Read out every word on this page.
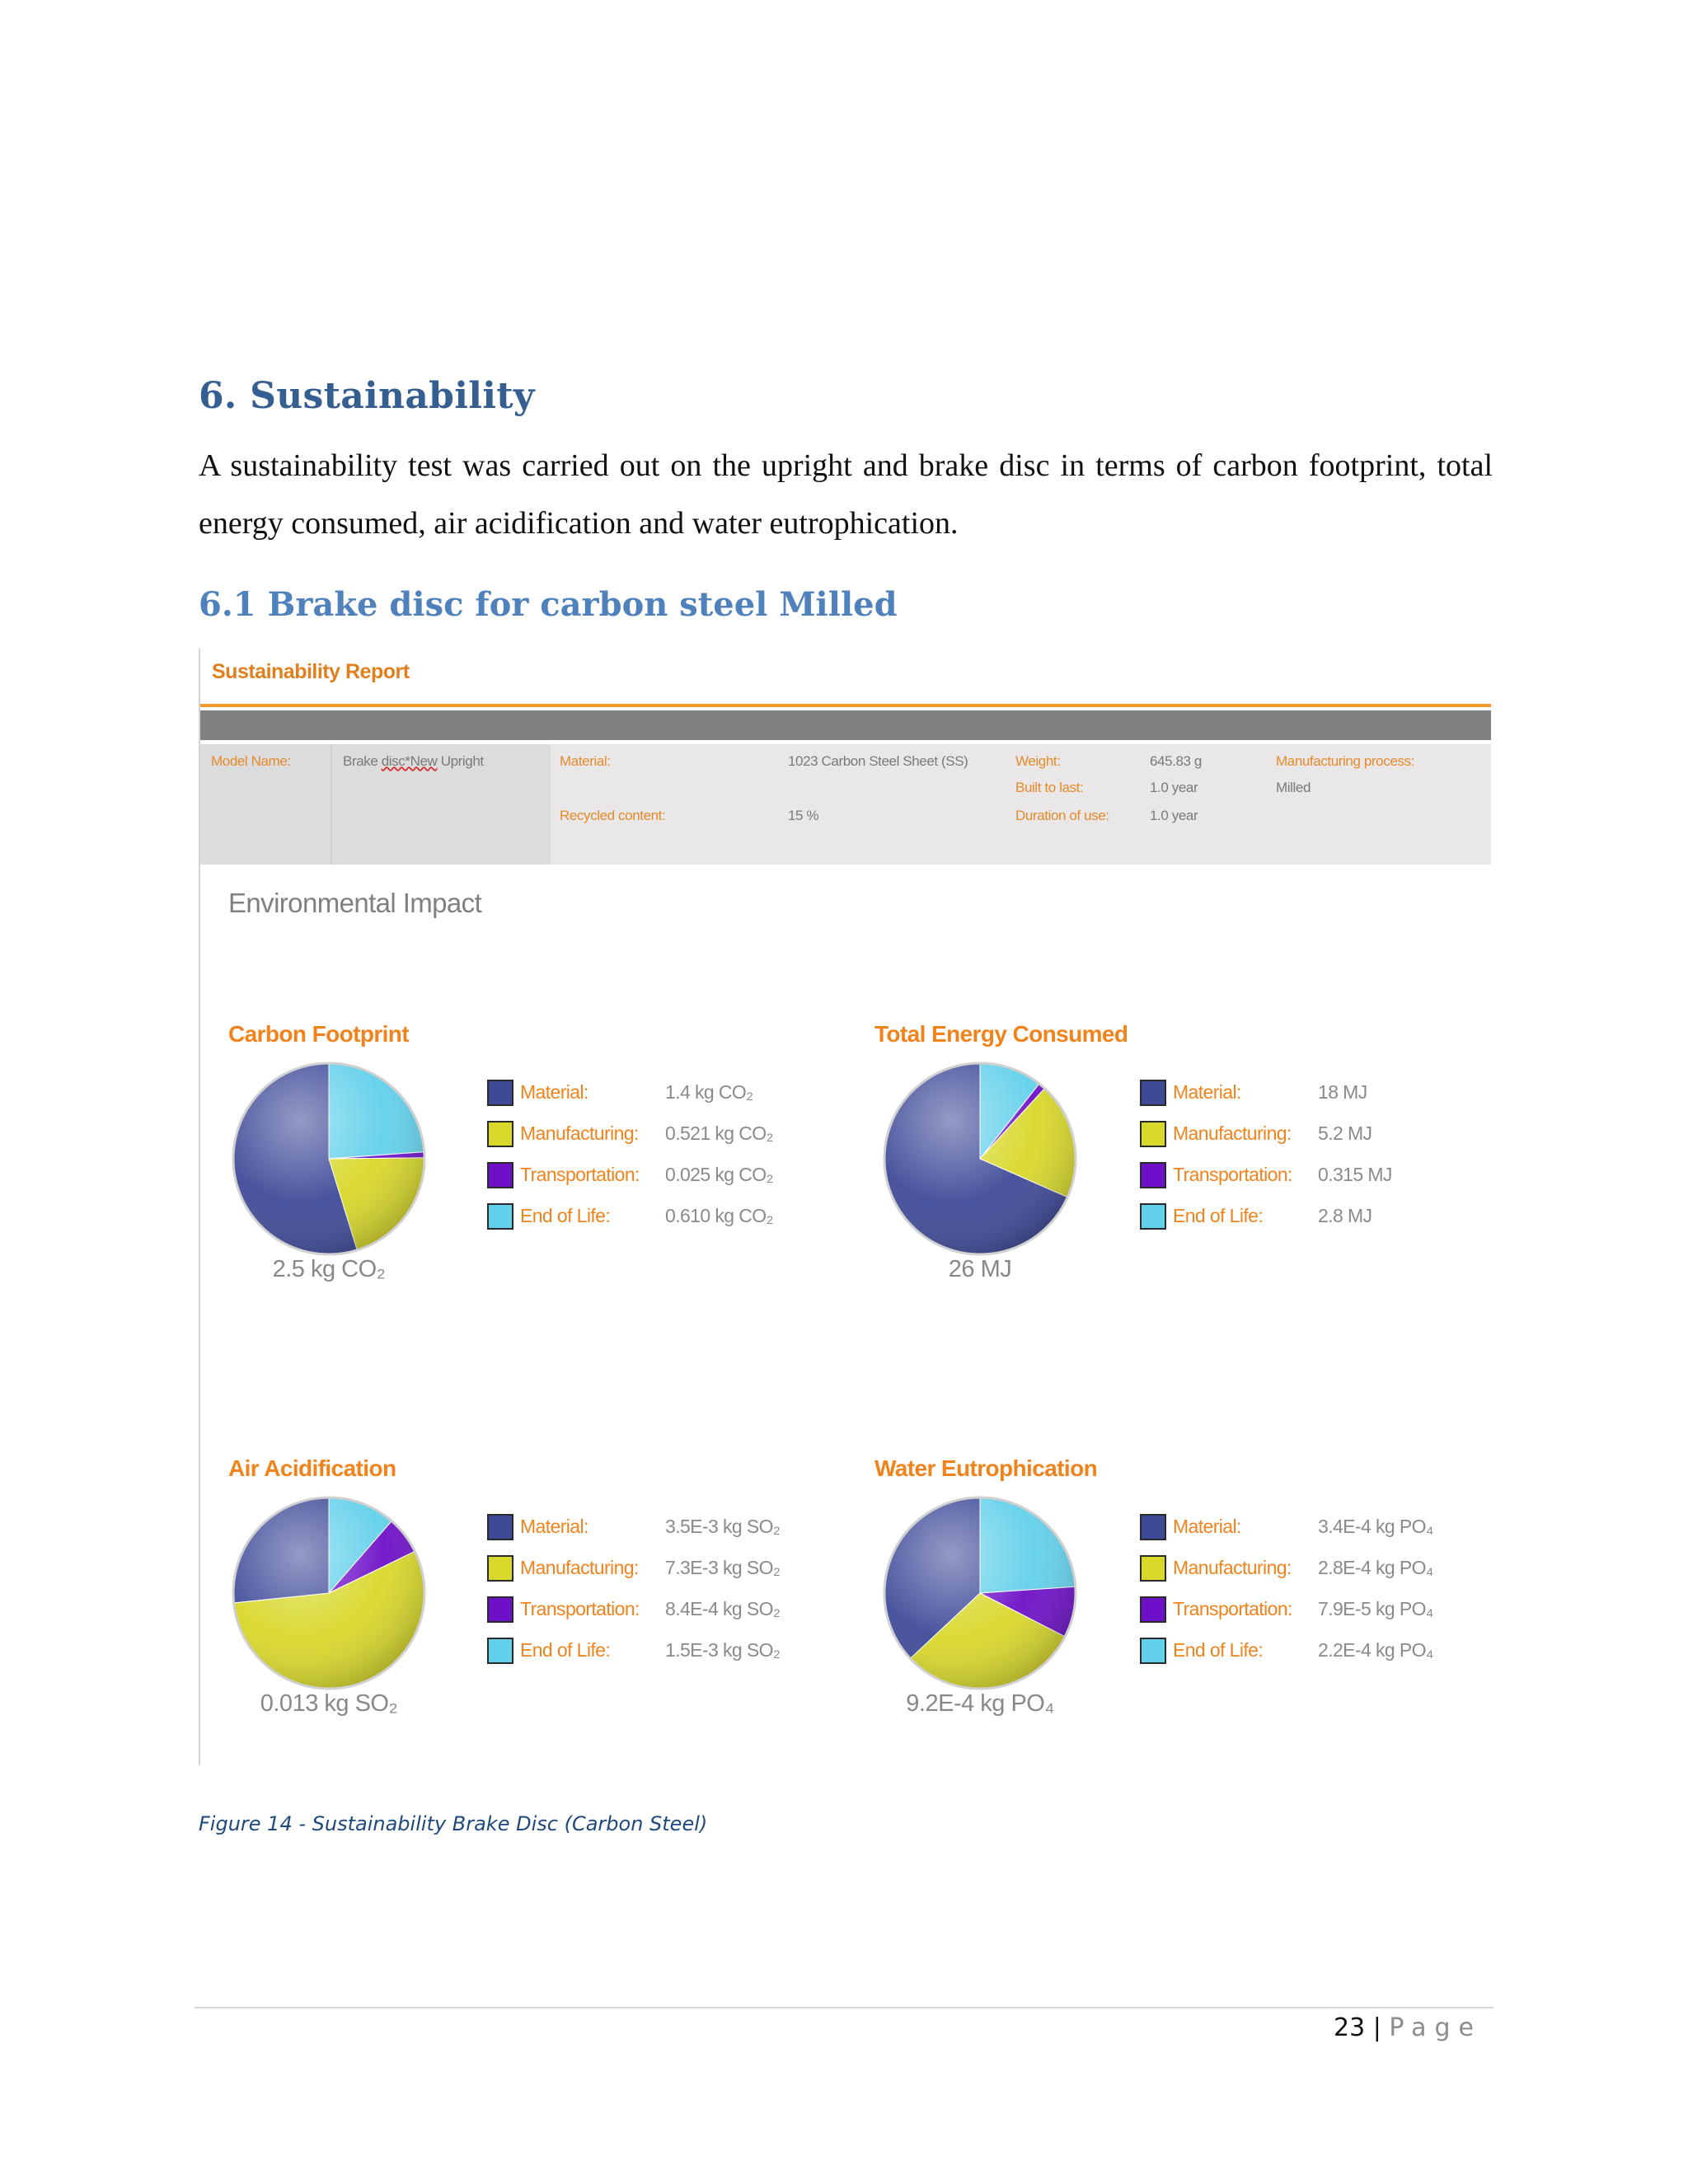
6. Sustainability

A sustainability test was carried out on the upright and brake disc in terms of carbon footprint, total energy consumed, air acidification and water eutrophication.

6.1 Brake disc for carbon steel Milled
Sustainability Report
Model Name:	Brake disc*New Upright	Material:	1023 Carbon Steel Sheet (SS)
Recycled content:	15 %
Weight:	645.83 g
Built to last:	1.0 year
Duration of use:	1.0 year
Manufacturing process:
Milled
Environmental Impact
Carbon Footprint
2.5 kg CO₂
Material:	1.4 kg CO₂
Manufacturing: 0.521 kg CO₂
Transportation: 0.025 kg CO₂
End of Life:	0.610 kg CO₂
Total Energy Consumed
26 MJ
Material:	18 MJ
Manufacturing: 5.2 MJ
Transportation: 0.315 MJ
End of Life:	2.8 MJ
Air Acidification
0.013 kg SO₂
Material:	3.5E-3 kg SO₂
Manufacturing: 7.3E-3 kg SO₂
Transportation: 8.4E-4 kg SO₂
End of Life:	1.5E-3 kg SO₂
Water Eutrophication
9.2E-4 kg PO₄
Material:	3.4E-4 kg PO₄
Manufacturing: 2.8E-4 kg PO₄
Transportation: 7.9E-5 kg PO₄
End of Life:	2.2E-4 kg PO₄
Figure 14 - Sustainability Brake Disc (Carbon Steel)
23 | Page
